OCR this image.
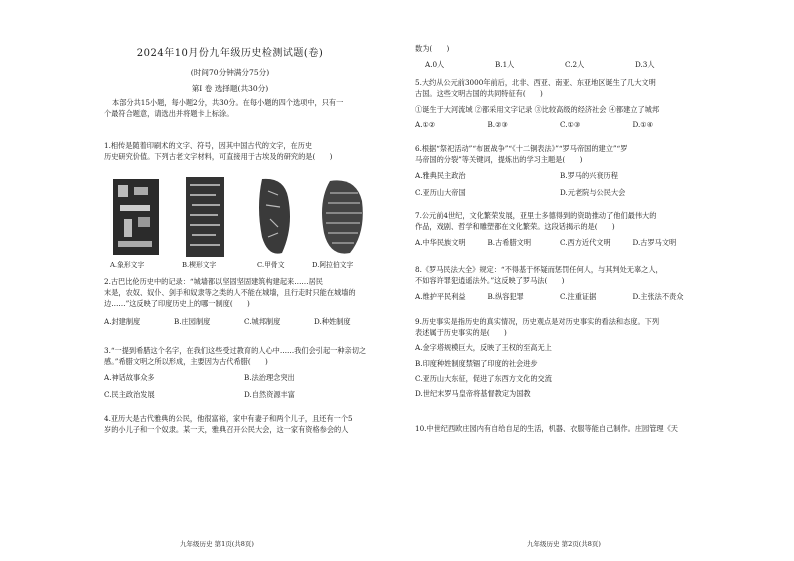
2024年10月份九年级历史检测试题(卷)
(时间70分钟满分75分)
第Ⅰ 卷 选择题(共30分)

本部分共15小题，每小题2分，共30分。在每小题的四个选项中，只有一

个最符合题意，请选出并将题卡上标涂。

1.相传是随着印刷术的文字、符号，因其中国古代的文字，在历史

历史研究价值。下列古老文字材料，可直接用于古埃及的研究的是(　　)

A.象形文字	B.楔形文字	C.甲骨文	D.阿拉伯文字

2.古巴比伦历史中的记录：“城墙都以坚固坚固建筑构建起来……居民

末是，农奴、奴仆、剑手和奴隶等之类的人不能在城墙，且行走时只能在城墙的

边……”这反映了印度历史上的哪一制度(　　)

A.封建制度	B.庄园制度	C.城邦制度	D.种姓制度

3.“一提到希腊这个名字，在我们这些受过教育的人心中……我们会引起一种亲切之

感。”希腊文明之所以形成，主要因为古代希腊(　　)

A.神话故事众多	B.法治理念突出
C.民主政治发展	D.自然资源丰富

4.亚历大是古代雅典的公民，他很富裕，家中有妻子和两个儿子，且还有一个5

岁的小儿子和一个奴隶。某一天，雅典召开公民大会，这一家有资格参会的人

九年级历史 第1页(共8页)

数为(　　)

A.0人	B.1人	C.2人	D.3人

5.大约从公元前3000年前后，北非、西亚、南亚、东亚地区诞生了几大文明

古国。这些文明古国的共同特征有(　　)

①诞生于大河流域 ②都采用文字记录 ③比较高级的经济社会 ④都建立了城邦

A.①②	B.②③	C.①③	D.①④

6.根据“祭祀活动”“布匿战争”“《十二铜表法》”“罗马帝国的建立”“罗

马帝国的分裂”等关键词，提炼出的学习主题是(　　)

A.雅典民主政治	B.罗马的兴衰历程
C.亚历山大帝国	D.元老院与公民大会

7.公元前4世纪，文化繁荣发展，亚里士多德得到的资助推动了他们最伟大的

作品，戏剧、哲学和雕塑都在文化繁荣。这段话揭示的是(　　)

A.中华民族文明	B.古希腊文明	C.西方近代文明	D.古罗马文明

8.《罗马民法大全》规定：“不得基于怀疑而惩罚任何人，与其判处无辜之人，

不如容许罪犯逍遥法外。”这反映了罗马法(　　)

A.维护平民利益	B.纵容犯罪	C.注重证据	D.主张法不责众

9.历史事实是指历史的真实情况，历史观点是对历史事实的看法和态度。下列

表述属于历史事实的是(　　)

A.金字塔规模巨大，反映了王权的至高无上

B.印度种姓制度禁锢了印度的社会进步

C.亚历山大东征，促进了东西方文化的交流

D.世纪末罗马皇帝将基督教定为国教

10.中世纪西欧庄园内有自给自足的生活，机器、衣服等能自己制作。庄园管理《天

九年级历史 第2页(共8页)
